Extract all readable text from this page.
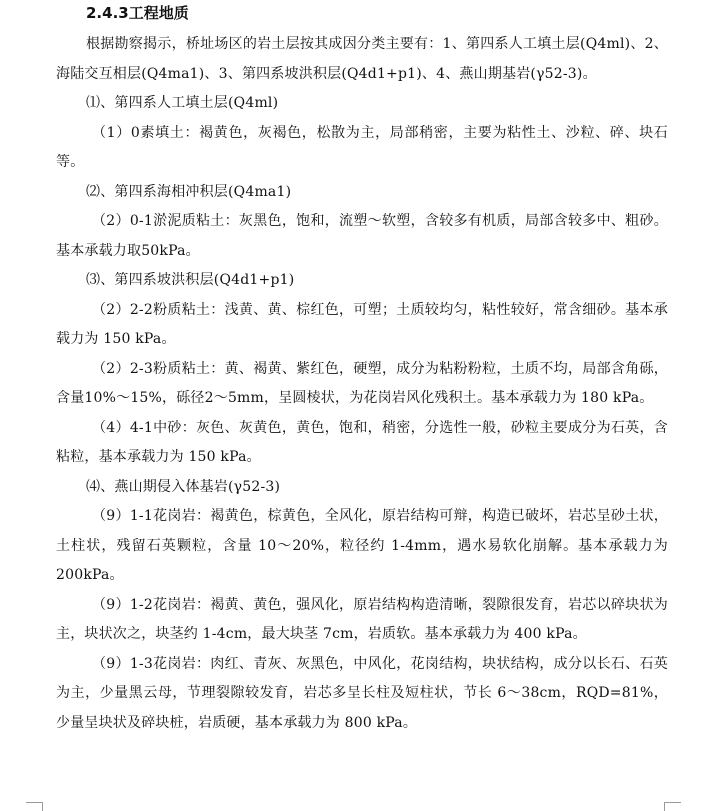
2.4.3工程地质

根据勘察揭示，桥址场区的岩土层按其成因分类主要有：1、第四系人工填土层(Q4ml)、2、海陆交互相层(Q4ma1)、3、第四系坡洪积层(Q4d1+p1)、4、燕山期基岩(γ52-3)。

⑴、第四系人工填土层(Q4ml)

（1）0素填土：褐黄色，灰褐色，松散为主，局部稍密，主要为粘性土、沙粒、碎、块石等。

⑵、第四系海相冲积层(Q4ma1)

（2）0-1淤泥质粘土：灰黑色，饱和，流塑～软塑，含较多有机质，局部含较多中、粗砂。基本承载力取50kPa。

⑶、第四系坡洪积层(Q4d1+p1)

（2）2-2粉质粘土：浅黄、黄、棕红色，可塑；土质较均匀，粘性较好，常含细砂。基本承载力为 150 kPa。

（2）2-3粉质粘土：黄、褐黄、紫红色，硬塑，成分为粘粉粉粒，土质不均，局部含角砾，含量10%～15%，砾径2～5mm，呈圆棱状，为花岗岩风化残积土。基本承载力为 180 kPa。

（4）4-1中砂：灰色、灰黄色，黄色，饱和，稍密，分选性一般，砂粒主要成分为石英，含粘粒，基本承载力为 150 kPa。

⑷、燕山期侵入体基岩(γ52-3)

（9）1-1花岗岩：褐黄色，棕黄色，全风化，原岩结构可辩，构造已破坏，岩芯呈砂土状，土柱状，残留石英颗粒，含量 10～20%，粒径约 1-4mm，遇水易软化崩解。基本承载力为200kPa。

（9）1-2花岗岩：褐黄、黄色，强风化，原岩结构构造清晰，裂隙很发育，岩芯以碎块状为主，块状次之，块茎约 1-4cm，最大块茎 7cm，岩质软。基本承载力为 400 kPa。

（9）1-3花岗岩：肉红、青灰、灰黑色，中风化，花岗结构，块状结构，成分以长石、石英为主，少量黑云母，节理裂隙较发育，岩芯多呈长柱及短柱状，节长 6～38cm，RQD=81%，少量呈块状及碎块桩，岩质硬，基本承载力为 800 kPa。
